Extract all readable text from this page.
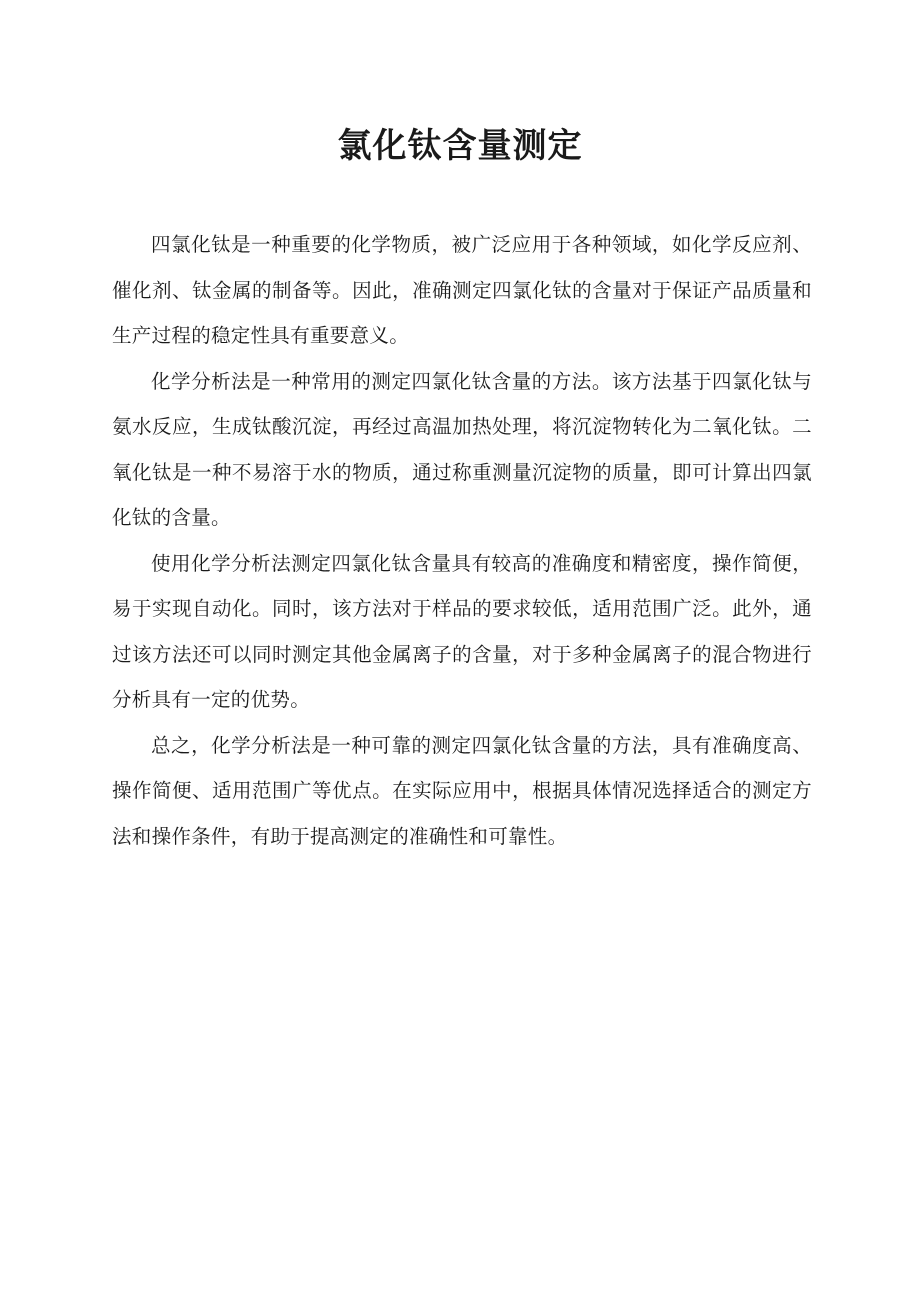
氯化钛含量测定

四氯化钛是一种重要的化学物质，被广泛应用于各种领域，如化学反应剂、催化剂、钛金属的制备等。因此，准确测定四氯化钛的含量对于保证产品质量和生产过程的稳定性具有重要意义。

化学分析法是一种常用的测定四氯化钛含量的方法。该方法基于四氯化钛与氨水反应，生成钛酸沉淀，再经过高温加热处理，将沉淀物转化为二氧化钛。二氧化钛是一种不易溶于水的物质，通过称重测量沉淀物的质量，即可计算出四氯化钛的含量。

使用化学分析法测定四氯化钛含量具有较高的准确度和精密度，操作简便，易于实现自动化。同时，该方法对于样品的要求较低，适用范围广泛。此外，通过该方法还可以同时测定其他金属离子的含量，对于多种金属离子的混合物进行分析具有一定的优势。

总之，化学分析法是一种可靠的测定四氯化钛含量的方法，具有准确度高、操作简便、适用范围广等优点。在实际应用中，根据具体情况选择适合的测定方法和操作条件，有助于提高测定的准确性和可靠性。
